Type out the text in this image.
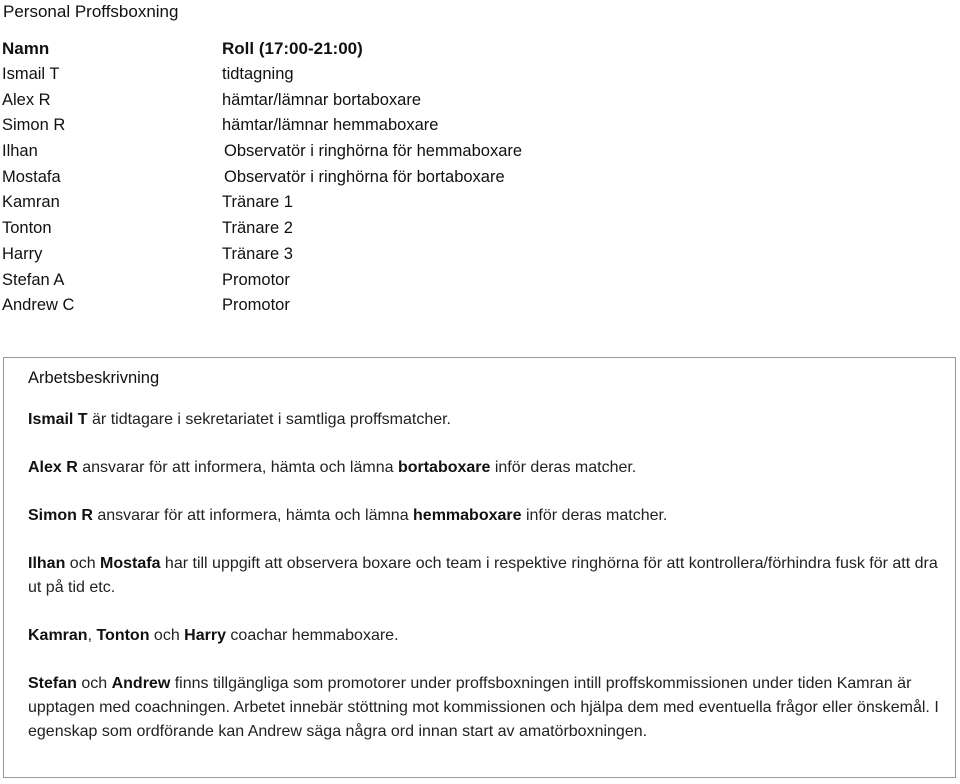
Personal Proffsboxning
Namn	Roll (17:00-21:00)
Ismail T	tidtagning
Alex R	hämtar/lämnar bortaboxare
Simon R	hämtar/lämnar hemmaboxare
Ilhan	Observatör i ringhörna för hemmaboxare
Mostafa	Observatör i ringhörna för bortaboxare
Kamran	Tränare 1
Tonton	Tränare 2
Harry	Tränare 3
Stefan A	Promotor
Andrew C	Promotor
Arbetsbeskrivning

Ismail T är tidtagare i sekretariatet i samtliga proffsmatcher.

Alex R ansvarar för att informera, hämta och lämna bortaboxare inför deras matcher.

Simon R ansvarar för att informera, hämta och lämna hemmaboxare inför deras matcher.

Ilhan och Mostafa har till uppgift att observera boxare och team i respektive ringhörna för att kontrollera/förhindra fusk för att dra ut på tid etc.

Kamran, Tonton och Harry coachar hemmaboxare.

Stefan och Andrew finns tillgängliga som promotorer under proffsboxningen intill proffskommissionen under tiden Kamran är upptagen med coachningen. Arbetet innebär stöttning mot kommissionen och hjälpa dem med eventuella frågor eller önskemål. I egenskap som ordförande kan Andrew säga några ord innan start av amatörboxningen.
